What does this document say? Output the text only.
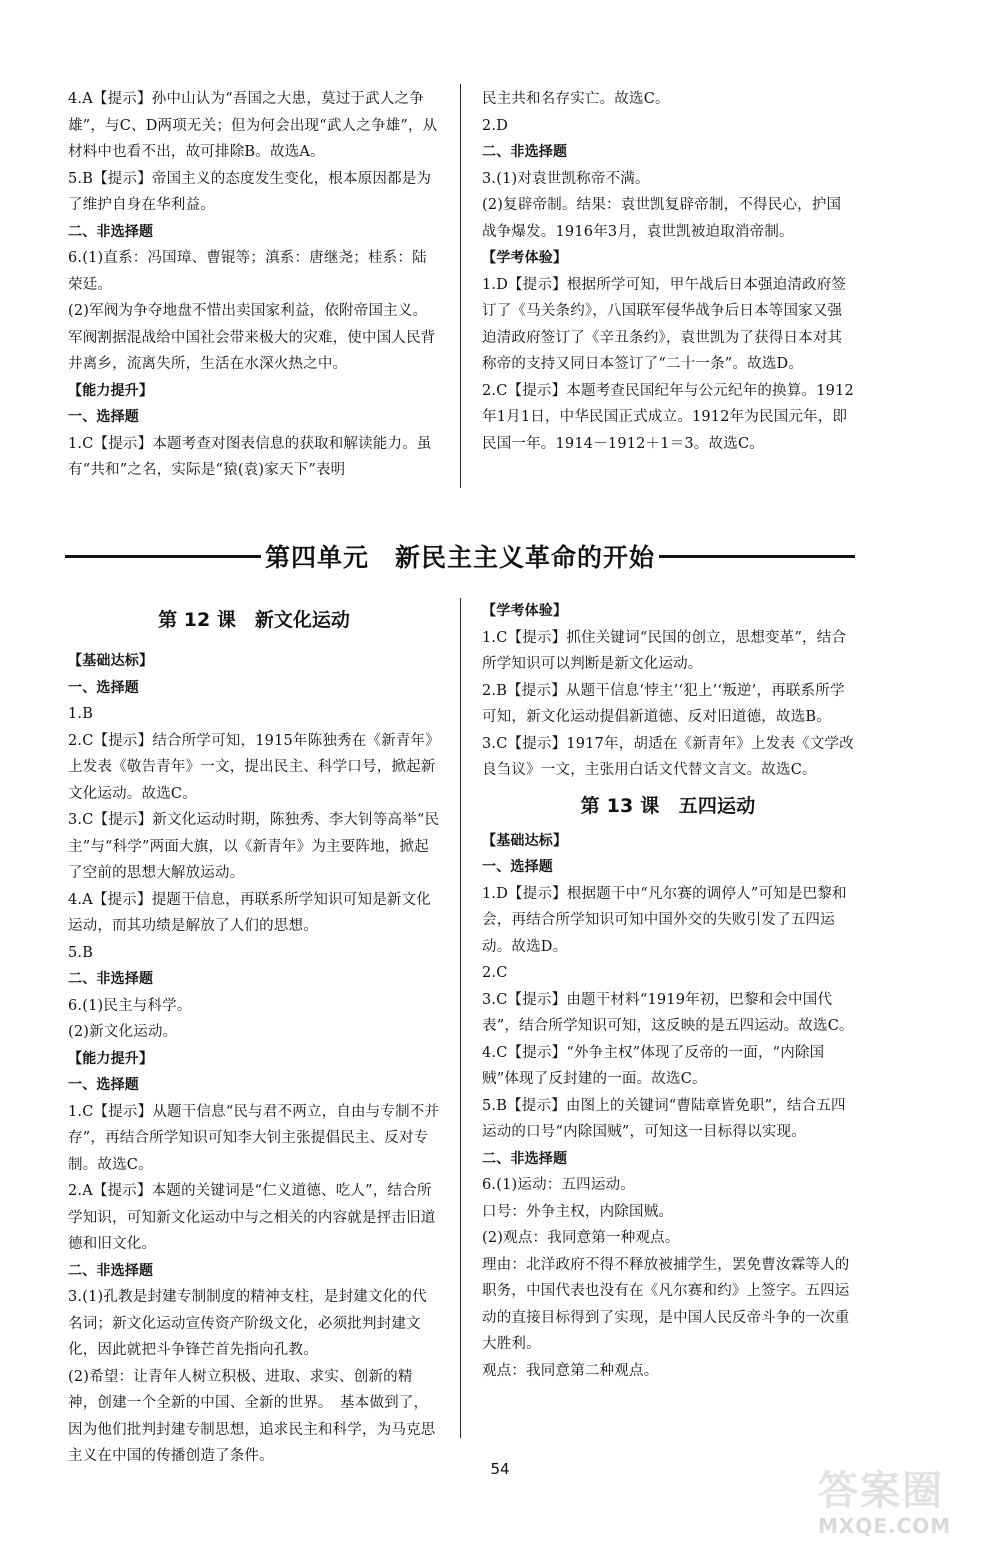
4.A【提示】孙中山认为“吾国之大患，莫过于武人之争雄”，与C、D两项无关；但为何会出现“武人之争雄”，从材料中也看不出，故可排除B。故选A。

5.B【提示】帝国主义的态度发生变化，根本原因都是为了维护自身在华利益。

二、非选择题

6.(1)直系：冯国璋、曹锟等；滇系：唐继尧；桂系：陆荣廷。

(2)军阀为争夺地盘不惜出卖国家利益，依附帝国主义。军阀割据混战给中国社会带来极大的灾难，使中国人民背井离乡，流离失所，生活在水深火热之中。

【能力提升】

一、选择题

1.C【提示】本题考查对图表信息的获取和解读能力。虽有“共和”之名，实际是“猿(袁)家天下”表明

民主共和名存实亡。故选C。

2.D

二、非选择题

3.(1)对袁世凯称帝不满。

(2)复辟帝制。结果：袁世凯复辟帝制，不得民心，护国战争爆发。1916年3月，袁世凯被迫取消帝制。

【学考体验】

1.D【提示】根据所学可知，甲午战后日本强迫清政府签订了《马关条约》，八国联军侵华战争后日本等国家又强迫清政府签订了《辛丑条约》，袁世凯为了获得日本对其称帝的支持又同日本签订了“二十一条”。故选D。

2.C【提示】本题考查民国纪年与公元纪年的换算。1912年1月1日，中华民国正式成立。1912年为民国元年，即民国一年。1914－1912＋1＝3。故选C。

第四单元　新民主主义革命的开始
第 12 课　新文化运动

【基础达标】

一、选择题

1.B

2.C【提示】结合所学可知，1915年陈独秀在《新青年》上发表《敬告青年》一文，提出民主、科学口号，掀起新文化运动。故选C。

3.C【提示】新文化运动时期，陈独秀、李大钊等高举“民主”与“科学”两面大旗，以《新青年》为主要阵地，掀起了空前的思想大解放运动。

4.A【提示】提题干信息，再联系所学知识可知是新文化运动，而其功绩是解放了人们的思想。

5.B

二、非选择题

6.(1)民主与科学。

(2)新文化运动。

【能力提升】

一、选择题

1.C【提示】从题干信息“民与君不两立，自由与专制不并存”，再结合所学知识可知李大钊主张提倡民主、反对专制。故选C。

2.A【提示】本题的关键词是“仁义道德、吃人”，结合所学知识，可知新文化运动中与之相关的内容就是抨击旧道德和旧文化。

二、非选择题

3.(1)孔教是封建专制制度的精神支柱，是封建文化的代名词；新文化运动宣传资产阶级文化，必须批判封建文化，因此就把斗争锋芒首先指向孔教。

(2)希望：让青年人树立积极、进取、求实、创新的精神，创建一个全新的中国、全新的世界。　基本做到了，因为他们批判封建专制思想，追求民主和科学，为马克思主义在中国的传播创造了条件。

【学考体验】

1.C【提示】抓住关键词“民国的创立，思想变革”，结合所学知识可以判断是新文化运动。

2.B【提示】从题干信息‘悖主’‘犯上’‘叛逆’，再联系所学可知，新文化运动提倡新道德、反对旧道德，故选B。

3.C【提示】1917年，胡适在《新青年》上发表《文学改良刍议》一文，主张用白话文代替文言文。故选C。

第 13 课　五四运动

【基础达标】

一、选择题

1.D【提示】根据题干中“凡尔赛的调停人”可知是巴黎和会，再结合所学知识可知中国外交的失败引发了五四运动。故选D。

2.C

3.C【提示】由题干材料“1919年初，巴黎和会中国代表”，结合所学知识可知，这反映的是五四运动。故选C。

4.C【提示】“外争主权”体现了反帝的一面，“内除国贼”体现了反封建的一面。故选C。

5.B【提示】由图上的关键词“曹陆章皆免职”，结合五四运动的口号“内除国贼”，可知这一目标得以实现。

二、非选择题

6.(1)运动：五四运动。

口号：外争主权，内除国贼。

(2)观点：我同意第一种观点。

理由：北洋政府不得不释放被捕学生，罢免曹汝霖等人的职务，中国代表也没有在《凡尔赛和约》上签字。五四运动的直接目标得到了实现，是中国人民反帝斗争的一次重大胜利。

观点：我同意第二种观点。

54	答案圈
MXQE.COM
